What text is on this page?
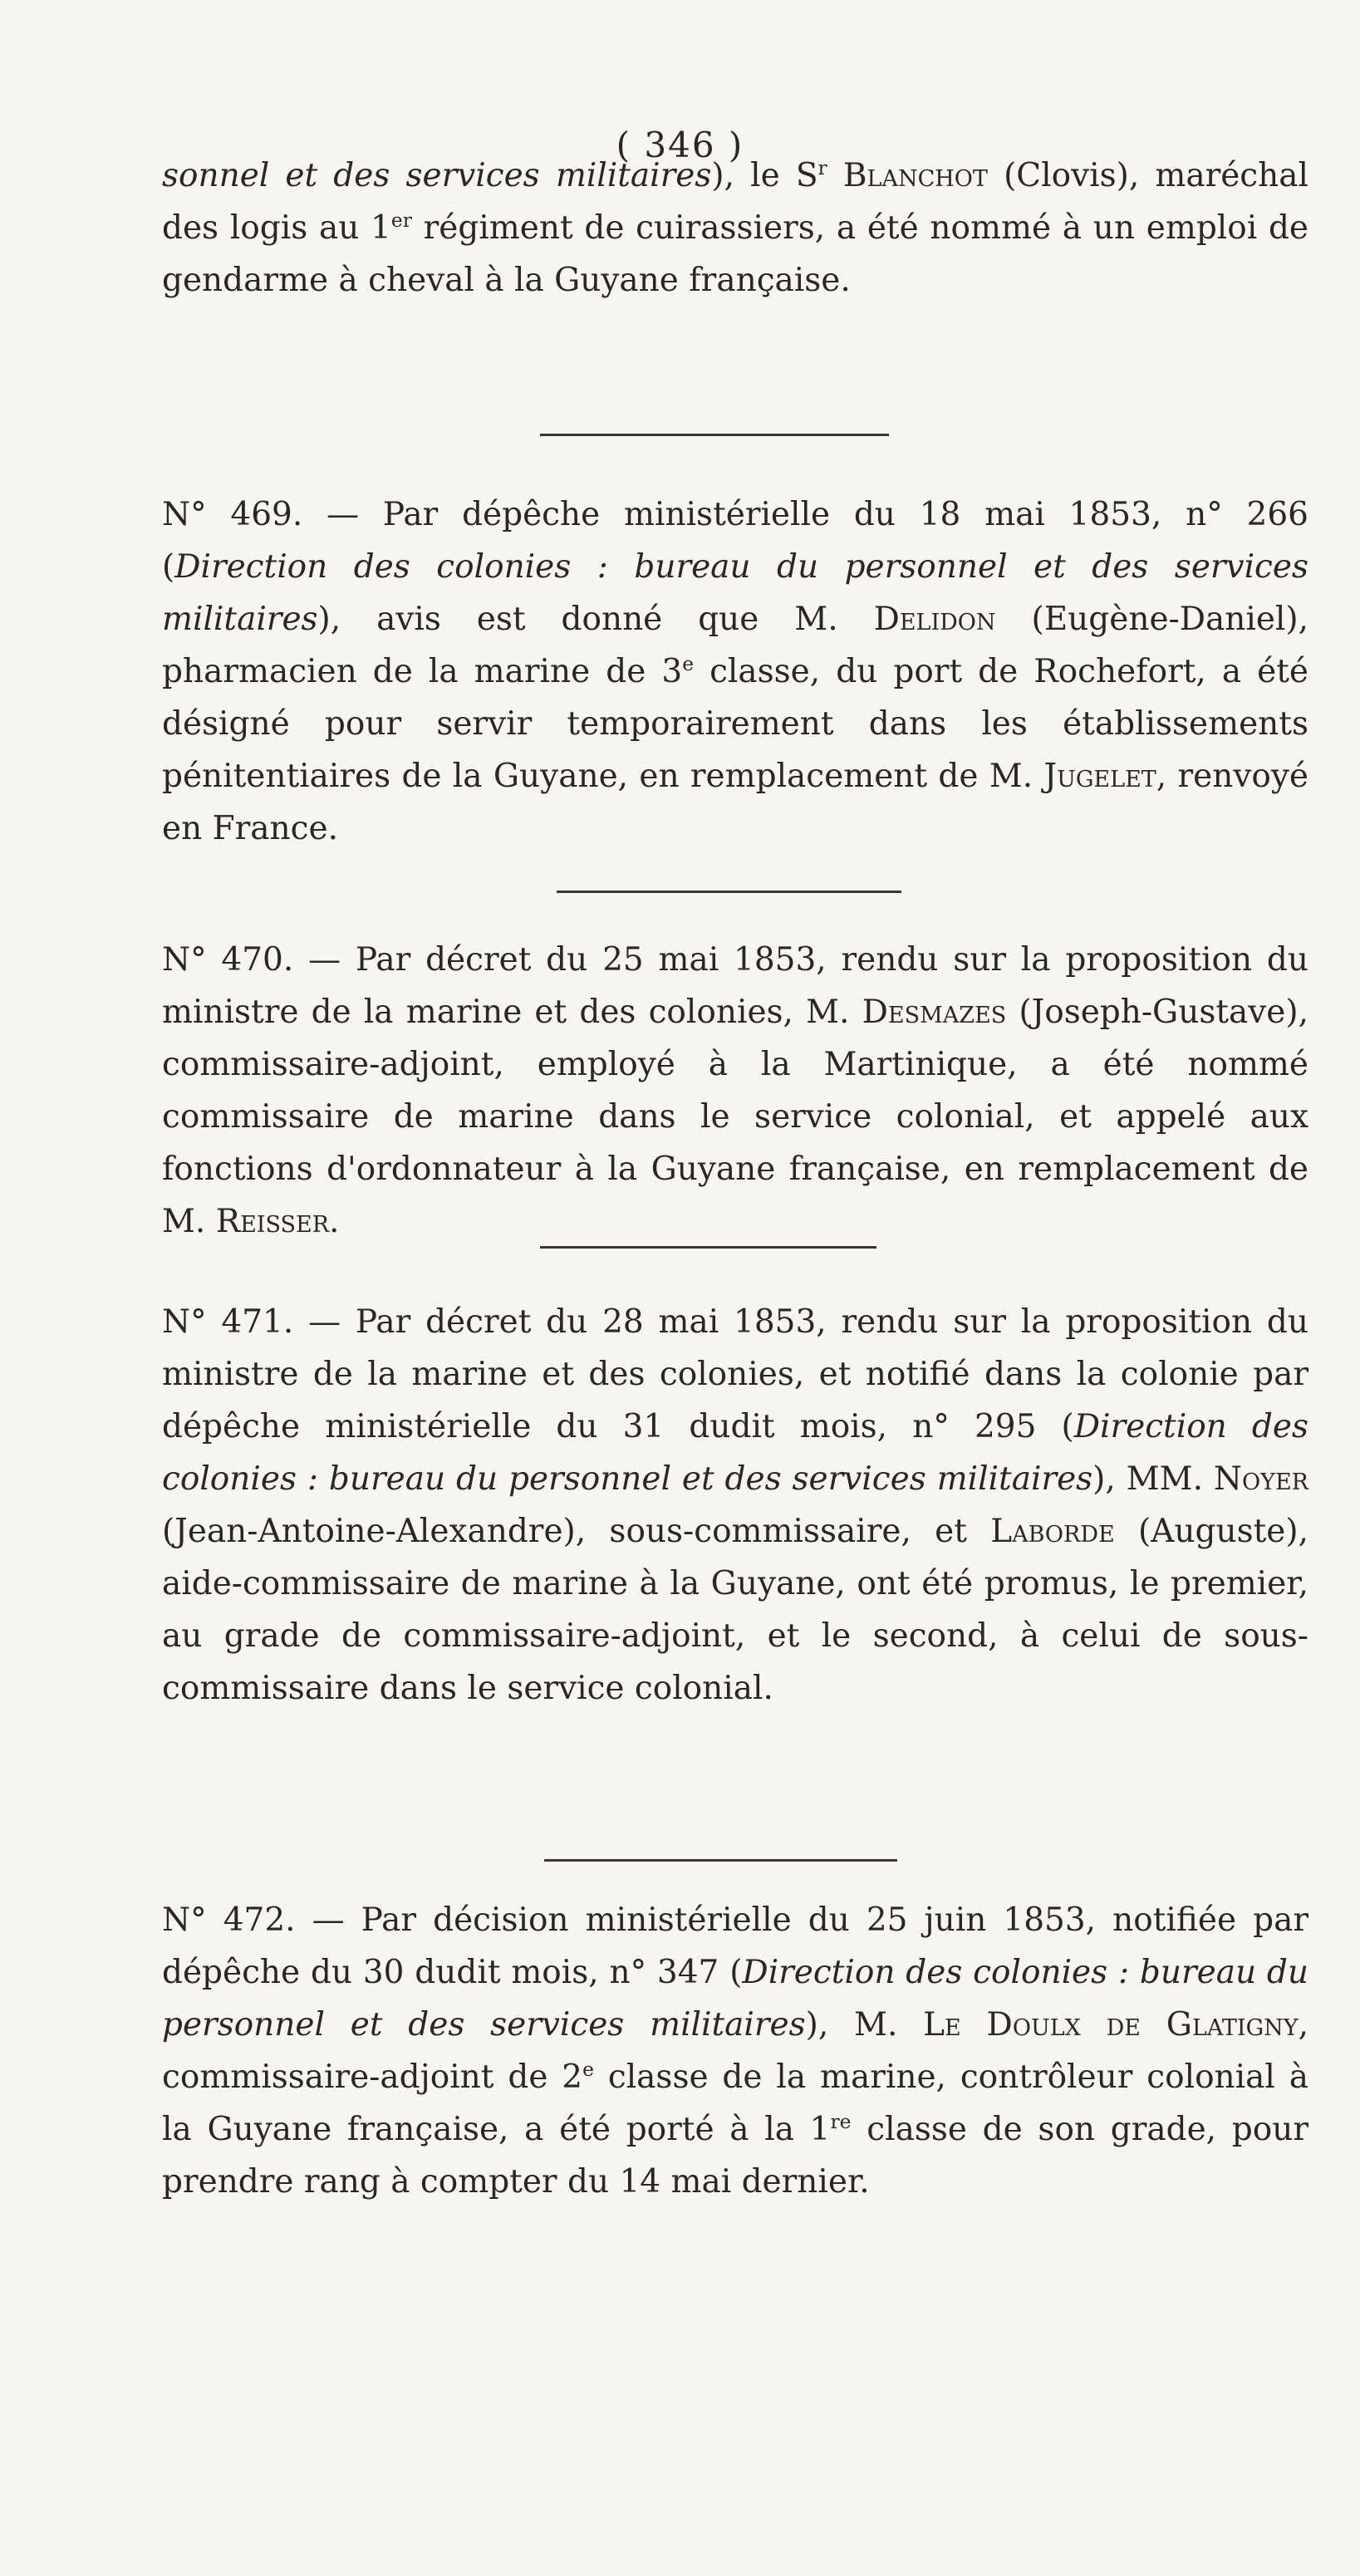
( 346 )

sonnel et des services militaires), le $S^r$ Blanchot (Clovis), maréchal des logis au 1er régiment de cuirassiers, a été nommé à un emploi de gendarme à cheval à la Guyane française.

N° 469. — Par dépêche ministérielle du 18 mai 1853, n° 266 (Direction des colonies : bureau du personnel et des services militaires), avis est donné que M. Delidon (Eugène-Daniel), pharmacien de la marine de 3e classe, du port de Rochefort, a été désigné pour servir temporairement dans les établissements pénitentiaires de la Guyane, en remplacement de M. Jugelet, renvoyé en France.

N° 470. — Par décret du 25 mai 1853, rendu sur la proposition du ministre de la marine et des colonies, M. Desmazes (Joseph-Gustave), commissaire-adjoint, employé à la Martinique, a été nommé commissaire de marine dans le service colonial, et appelé aux fonctions d'ordonnateur à la Guyane française, en remplacement de M. Reisser.

N° 471. — Par décret du 28 mai 1853, rendu sur la proposition du ministre de la marine et des colonies, et notifié dans la colonie par dépêche ministérielle du 31 dudit mois, n° 295 (Direction des colonies : bureau du personnel et des services militaires), MM. Noyer (Jean-Antoine-Alexandre), sous-commissaire, et Laborde (Auguste), aide-commissaire de marine à la Guyane, ont été promus, le premier, au grade de commissaire-adjoint, et le second, à celui de sous-commissaire dans le service colonial.

N° 472. — Par décision ministérielle du 25 juin 1853, notifiée par dépêche du 30 dudit mois, n° 347 (Direction des colonies : bureau du personnel et des services militaires), M. Le Doulx de Glatigny, commissaire-adjoint de 2e classe de la marine, contrôleur colonial à la Guyane française, a été porté à la 1re classe de son grade, pour prendre rang à compter du 14 mai dernier.
